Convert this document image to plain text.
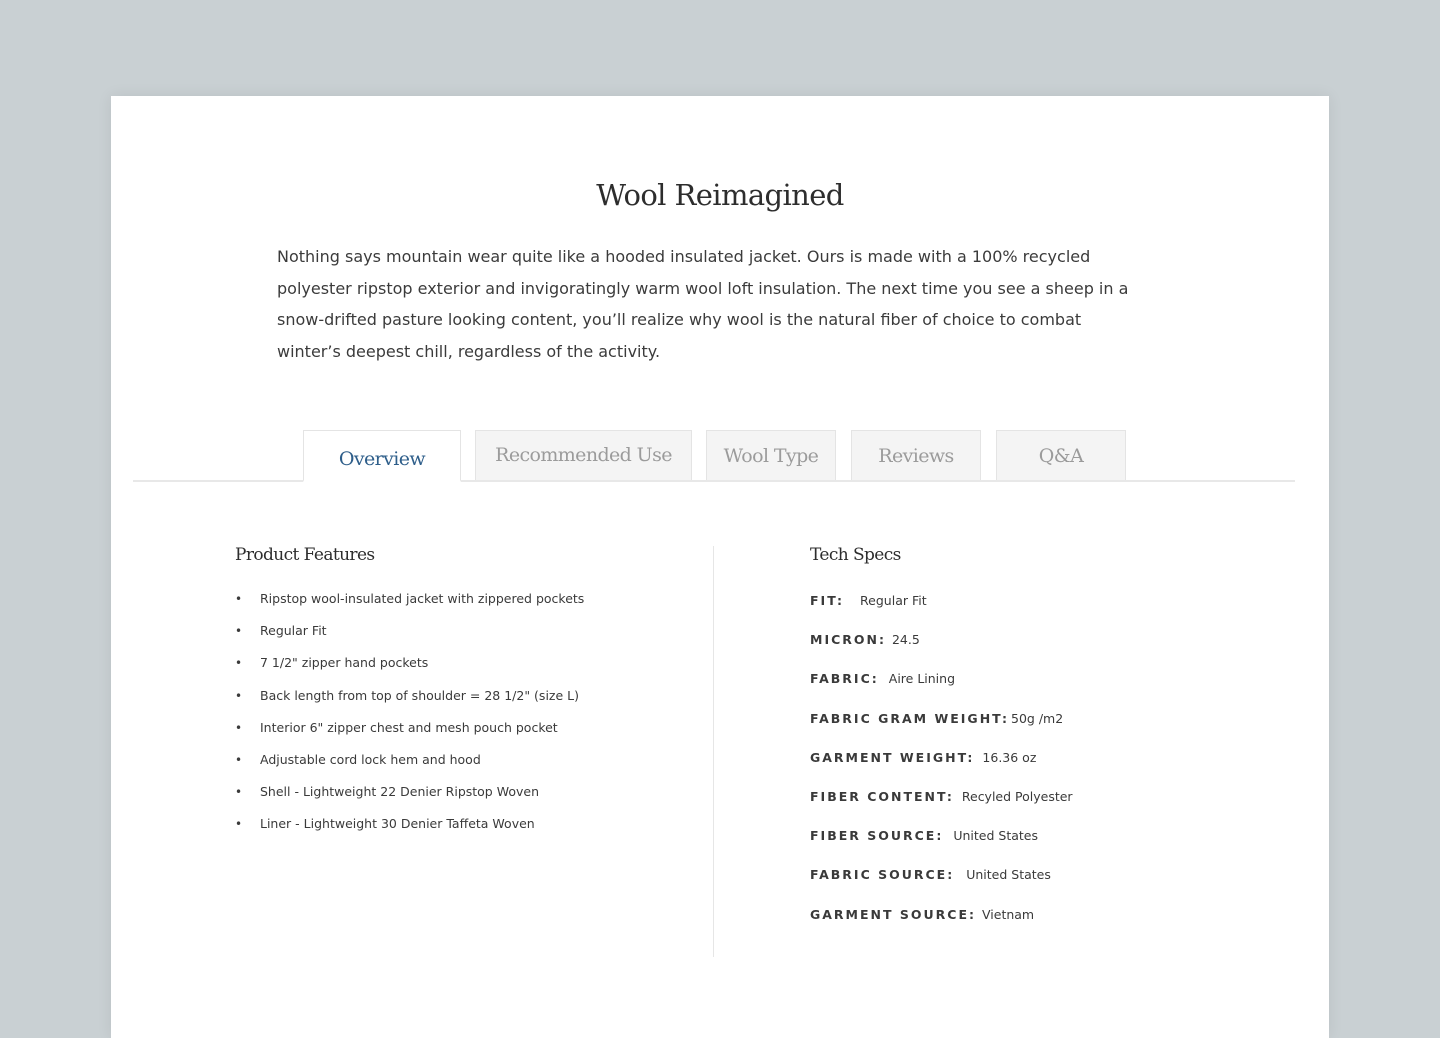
Wool Reimagined

Nothing says mountain wear quite like a hooded insulated jacket. Ours is made with a 100% recycled polyester ripstop exterior and invigoratingly warm wool loft insulation. The next time you see a sheep in a snow-drifted pasture looking content, you’ll realize why wool is the natural fiber of choice to combat winter’s deepest chill, regardless of the activity.

Overview	Recommended Use	Wool Type	Reviews	Q&A
Product Features
•	Ripstop wool-insulated jacket with zippered pockets
•	Regular Fit
•	7 1/2" zipper hand pockets
•	Back length from top of shoulder = 28 1/2" (size L)
•	Interior 6" zipper chest and mesh pouch pocket
•	Adjustable cord lock hem and hood
•	Shell - Lightweight 22 Denier Ripstop Woven
•	Liner - Lightweight 30 Denier Taffeta Woven
Tech Specs
FIT: Regular Fit
MICRON: 24.5
FABRIC: Aire Lining
FABRIC GRAM WEIGHT: 50g /m2
GARMENT WEIGHT: 16.36 oz
FIBER CONTENT: Recyled Polyester
FIBER SOURCE: United States
FABRIC SOURCE: United States
GARMENT SOURCE: Vietnam
